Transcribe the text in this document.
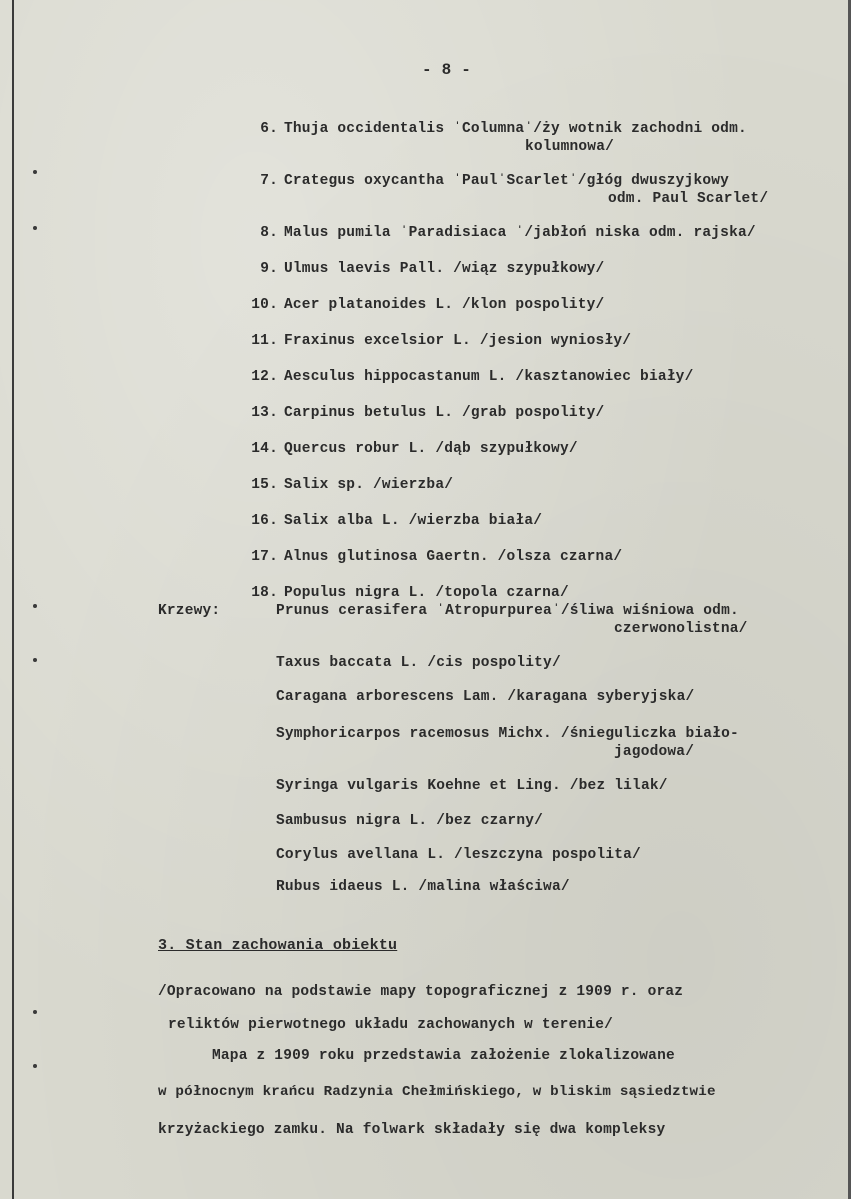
- 8 -
6. Thuja occidentalis ˈColumnaˈ/ży wotnik zachodni odm.
kolumnowa/
7. Crategus oxycantha ˈPaulˈScarletˈ/głóg dwuszyjkowy
odm. Paul Scarlet/
8. Malus pumila ˈParadisiaca ˈ/jabłoń niska odm. rajska/
9. Ulmus laevis Pall. /wiąz szypułkowy/
10. Acer platanoides L. /klon pospolity/
11. Fraxinus excelsior L. /jesion wyniosły/
12. Aesculus hippocastanum L. /kasztanowiec biały/
13. Carpinus betulus L. /grab pospolity/
14. Quercus robur L. /dąb szypułkowy/
15. Salix sp. /wierzba/
16. Salix alba L. /wierzba biała/
17. Alnus glutinosa Gaertn. /olsza czarna/
18. Populus nigra L. /topola czarna/
Krzewy:	Prunus cerasifera ˈAtropurpureaˈ/śliwa wiśniowa odm.
czerwonolistna/
Taxus baccata L. /cis pospolity/
Caragana arborescens Lam. /karagana syberyjska/
Symphoricarpos racemosus Michx. /śnieguliczka biało-
jagodowa/
Syringa vulgaris Koehne et Ling. /bez lilak/
Sambusus nigra L. /bez czarny/
Corylus avellana L. /leszczyna pospolita/
Rubus idaeus L. /malina właściwa/
3. Stan zachowania obiektu
/Opracowano na podstawie mapy topograficznej z 1909 r. oraz
reliktów pierwotnego układu zachowanych w terenie/
Mapa z 1909 roku przedstawia założenie zlokalizowane
w północnym krańcu Radzynia Chełmińskiego, w bliskim sąsiedztwie
krzyżackiego zamku. Na folwark składały się dwa kompleksy
